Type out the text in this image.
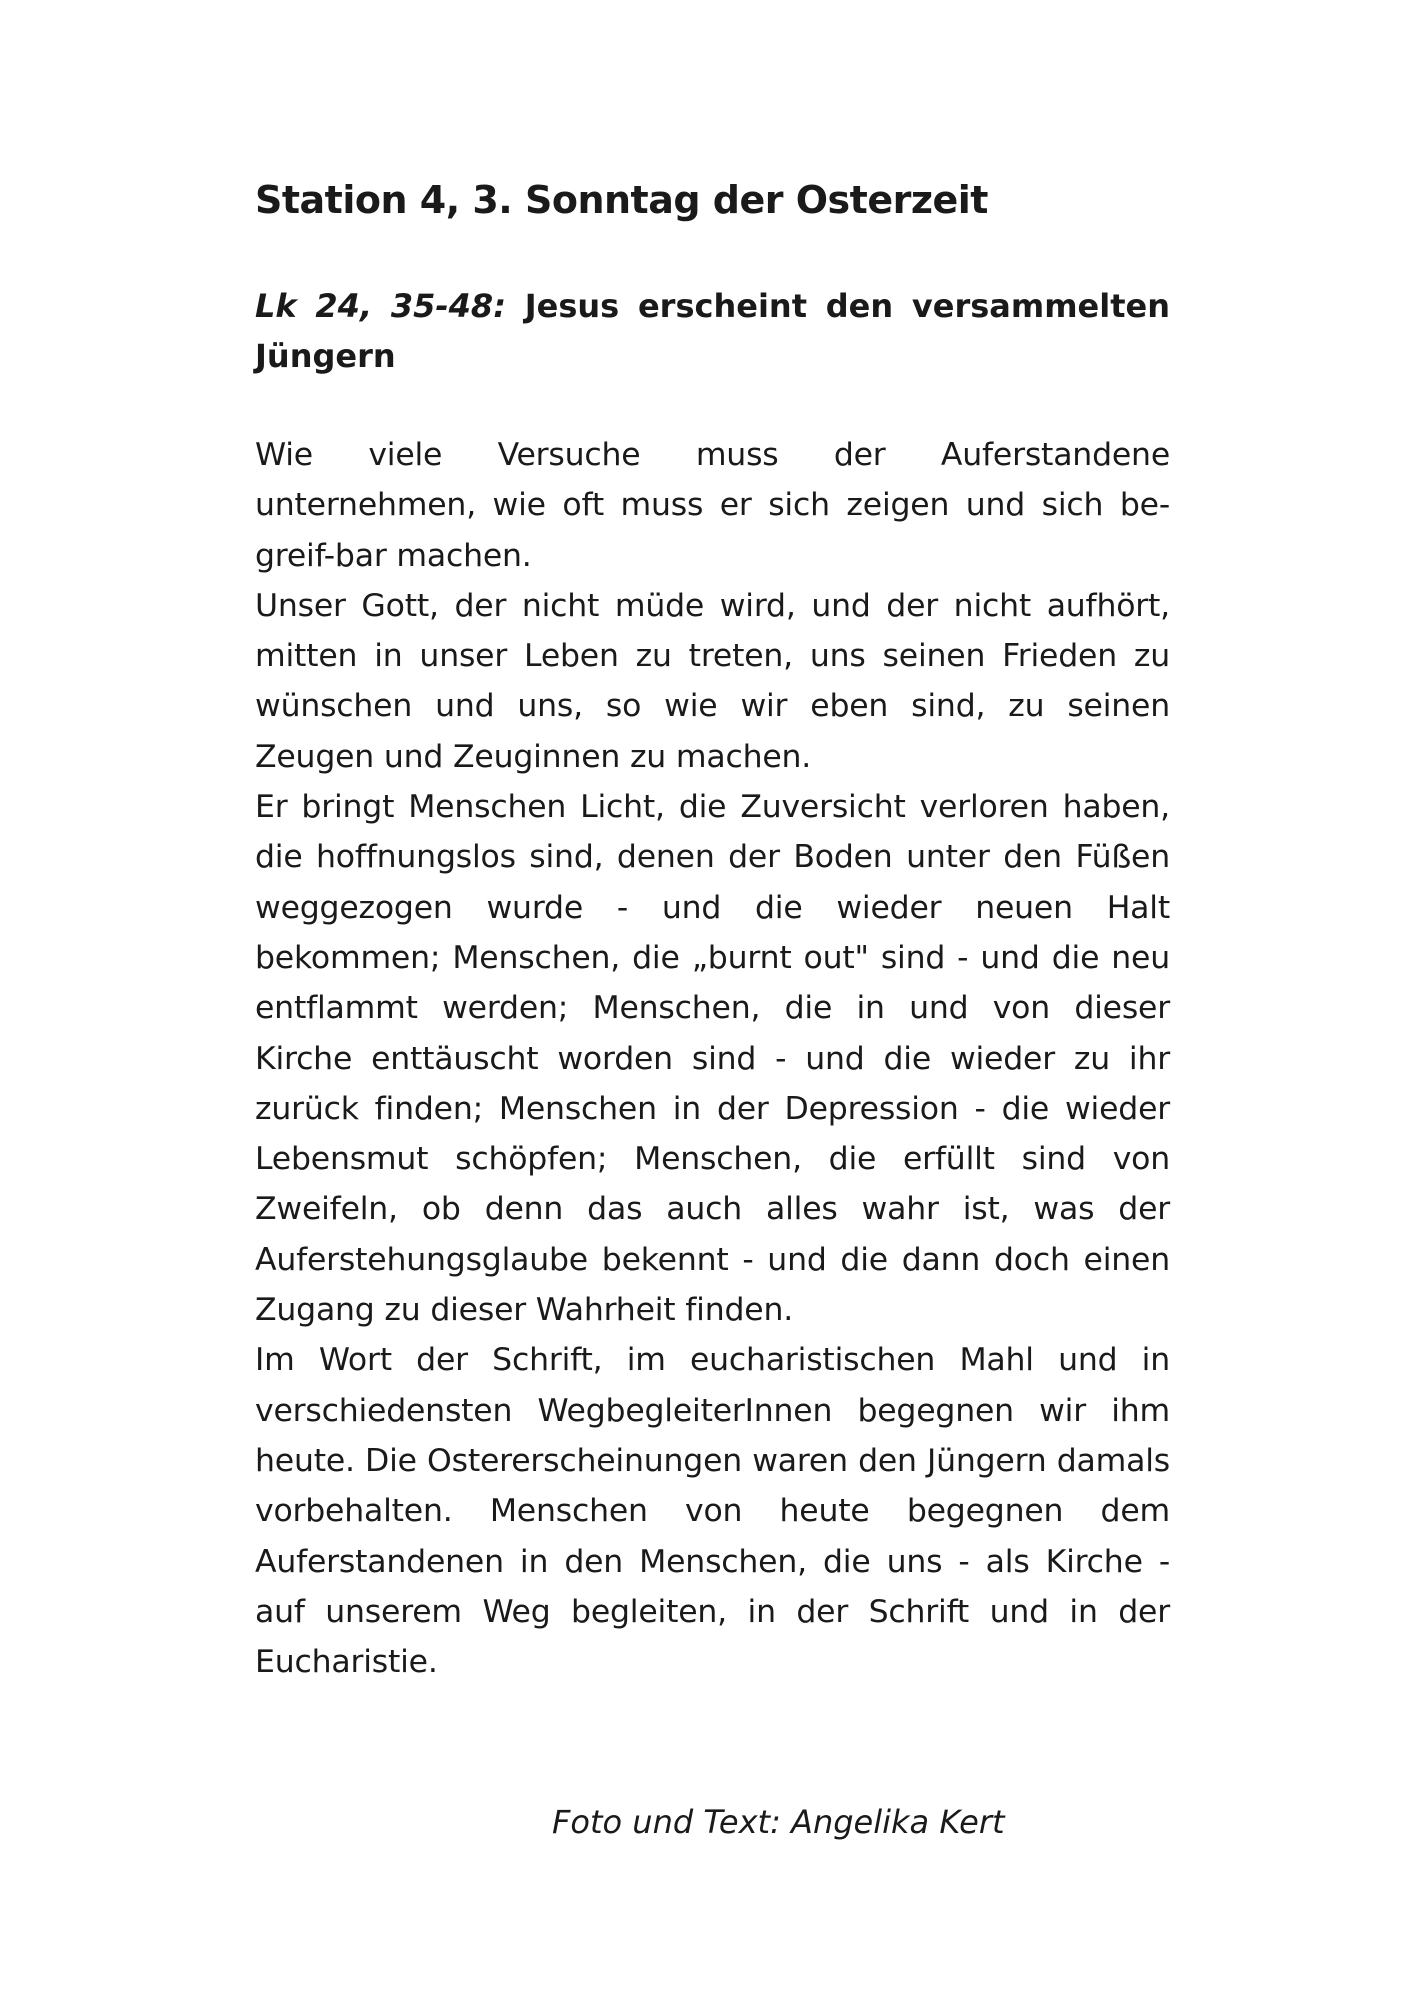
Station 4, 3. Sonntag der Osterzeit
Lk 24, 35-48: Jesus erscheint den versammelten Jüngern

Wie viele Versuche muss der Auferstandene unternehmen, wie oft muss er sich zeigen und sich be-greif-bar machen.

Unser Gott, der nicht müde wird, und der nicht aufhört, mitten in unser Leben zu treten, uns seinen Frieden zu wünschen und uns, so wie wir eben sind, zu seinen Zeugen und Zeuginnen zu machen.

Er bringt Menschen Licht, die Zuversicht verloren haben, die hoffnungslos sind, denen der Boden unter den Füßen weggezogen wurde - und die wieder neuen Halt bekommen; Menschen, die „burnt out" sind - und die neu entflammt werden; Menschen, die in und von dieser Kirche enttäuscht worden sind - und die wieder zu ihr zurück finden; Menschen in der Depression - die wieder Lebensmut schöpfen; Menschen, die erfüllt sind von Zweifeln, ob denn das auch alles wahr ist, was der Auferstehungsglaube bekennt - und die dann doch einen Zugang zu dieser Wahrheit finden.

Im Wort der Schrift, im eucharistischen Mahl und in verschiedensten WegbegleiterInnen begegnen wir ihm heute. Die Ostererscheinungen waren den Jüngern damals vorbehalten. Menschen von heute begegnen dem Auferstandenen in den Menschen, die uns - als Kirche - auf unserem Weg begleiten, in der Schrift und in der Eucharistie.

Foto und Text: Angelika Kert
